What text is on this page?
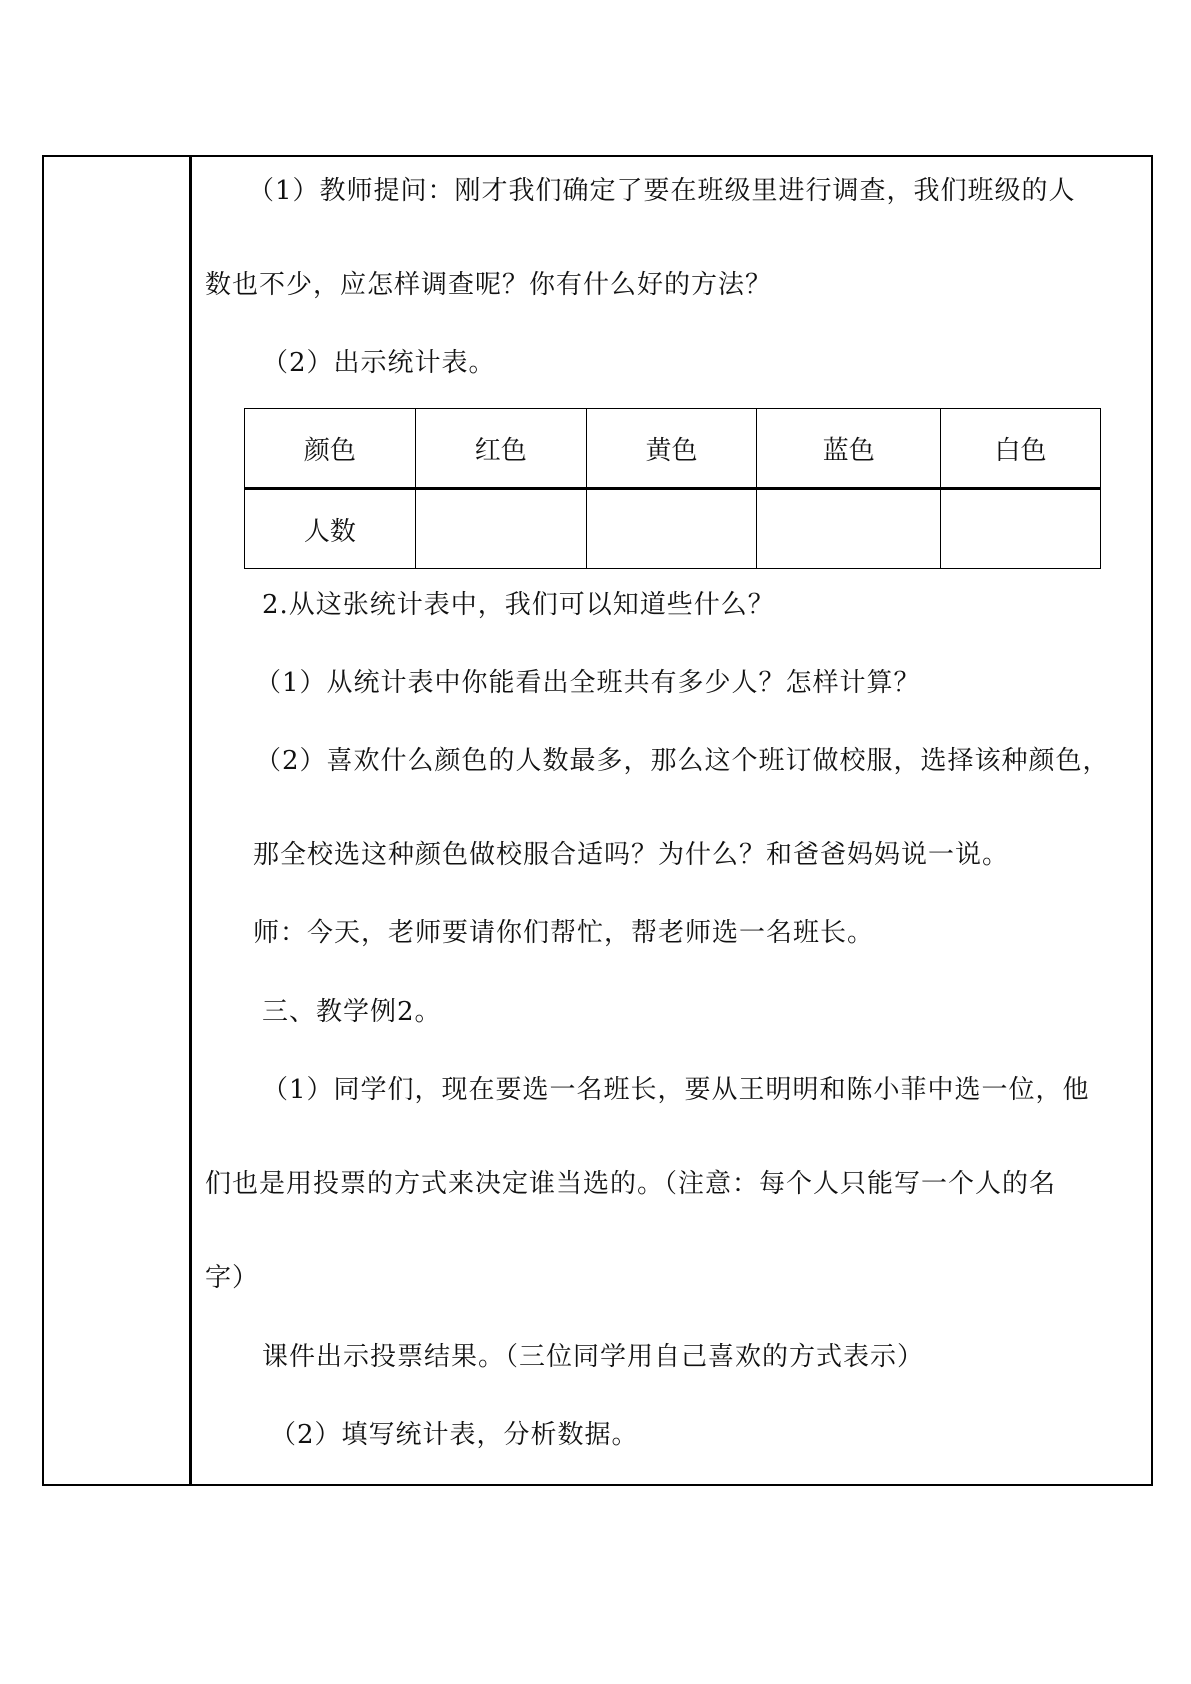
（1）教师提问：刚才我们确定了要在班级里进行调查，我们班级的人
数也不少，应怎样调查呢？你有什么好的方法？
（2）出示统计表。
颜色	红色	黄色	蓝色	白色
人数				
2.从这张统计表中，我们可以知道些什么？
（1）从统计表中你能看出全班共有多少人？怎样计算？
（2）喜欢什么颜色的人数最多，那么这个班订做校服，选择该种颜色，
那全校选这种颜色做校服合适吗？为什么？和爸爸妈妈说一说。
师：今天，老师要请你们帮忙，帮老师选一名班长。
三、教学例2。
（1）同学们，现在要选一名班长，要从王明明和陈小菲中选一位，他
们也是用投票的方式来决定谁当选的。（注意：每个人只能写一个人的名
字）
课件出示投票结果。（三位同学用自己喜欢的方式表示）
（2）填写统计表，分析数据。
